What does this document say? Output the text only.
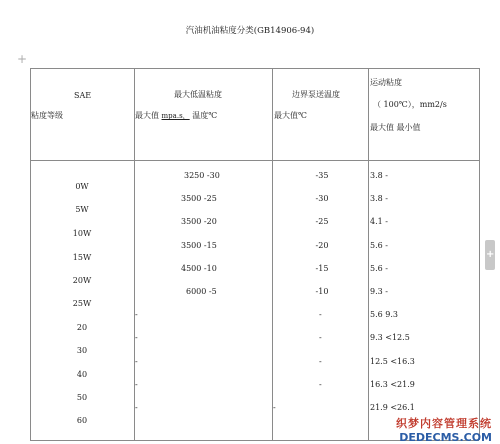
汽油机油粘度分类(GB14906-94)
+
+
SAE
粘度等级
最大低温粘度
最大值 mpa.s， 温度℃
边界泵送温度
最大值℃
运动粘度
（ 100℃），mm2/s
最大值 最小值
0W
5W
10W
15W
20W
25W
20
30
40
50
60
3250 -30
3500 -25
3500 -20
3500 -15
4500 -10
6000 -5
-
-
-
-
-
-35
-30
-25
-20
-15
-10
-
-
-
-
-
3.8 -
3.8 -
4.1 -
5.6 -
5.6 -
9.3 -
5.6 9.3
9.3 <12.5
12.5 <16.3
16.3 <21.9
21.9 <26.1
织梦内容管理系统
DEDECMS.COM
